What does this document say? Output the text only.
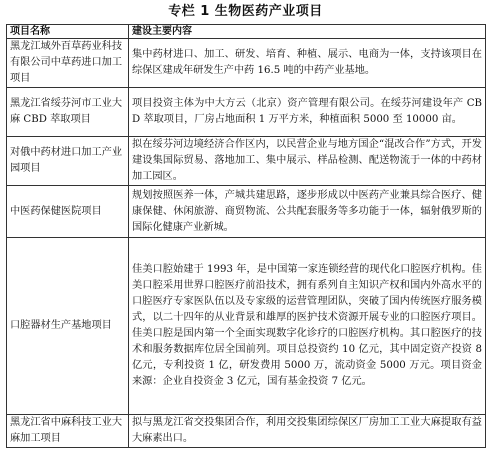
专栏 1 生物医药产业项目
项目名称	建设主要内容
黑龙江域外百草药业科技有限公司中草药进口加工项目	集中药材进口、加工、研发、培育、种植、展示、电商为一体，支持该项目在综保区建成年研发生产中药 16.5 吨的中药产业基地。
黑龙江省绥芬河市工业大麻 CBD 萃取项目	项目投资主体为中大方云（北京）资产管理有限公司。在绥芬河建设年产 CBD 萃取项目，厂房占地面积 1 万平方米，种植面积 5000 至 10000 亩。
对俄中药材进口加工产业园项目	拟在绥芬河边境经济合作区内，以民营企业与地方国企“混改合作”方式，开发建设集国际贸易、落地加工、集中展示、样品检测、配送物流于一体的中药材加工园区。
中医药保健医院项目	规划按照医养一体，产城共建思路，逐步形成以中医药产业兼具综合医疗、健康保健、休闲旅游、商贸物流、公共配套服务等多功能于一体，辐射俄罗斯的国际化健康产业新城。
口腔器材生产基地项目	佳美口腔始建于 1993 年，是中国第一家连锁经营的现代化口腔医疗机构。佳美口腔采用世界口腔医疗前沿技术，拥有系列自主知识产权和国内外高水平的口腔医疗专家医队伍以及专家级的运营管理团队，突破了国内传统医疗服务模式，以二十四年的从业背景和雄厚的医护技术资源开展专业的口腔医疗项目。佳美口腔是国内第一个全面实现数字化诊疗的口腔医疗机构。其口腔医疗的技术和服务数据库位居全国前列。项目总投资约 10 亿元，其中固定资产投资 8 亿元，专利投资 1 亿，研发费用 5000 万，流动资金 5000 万元。项目资金来源：企业自投资金 3 亿元，国有基金投资 7 亿元。
黑龙江省中麻科技工业大麻加工项目	拟与黑龙江省交投集团合作，利用交投集团综保区厂房加工工业大麻提取有益大麻素出口。
